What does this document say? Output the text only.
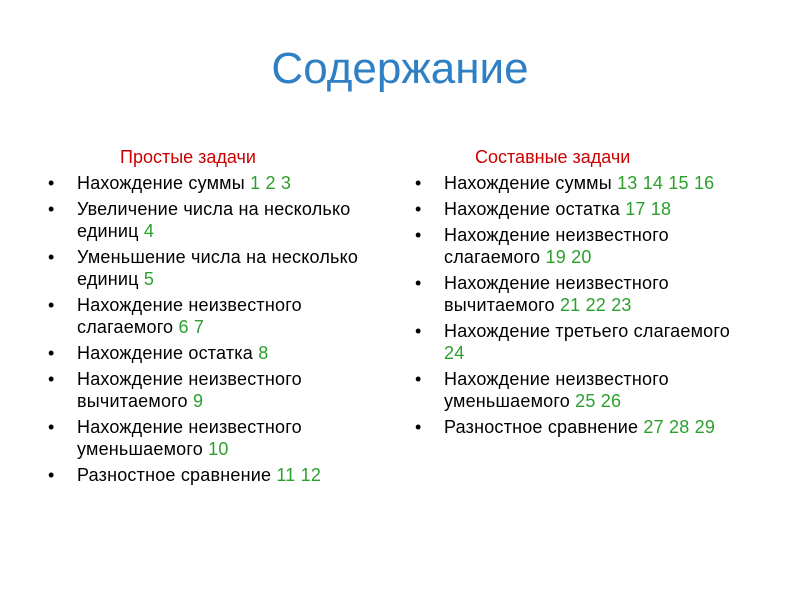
Содержание
Простые задачи
•	Нахождение суммы 1 2 3
•	Увеличение числа на несколько единиц 4
•	Уменьшение числа на несколько единиц 5
•	Нахождение неизвестного слагаемого 6 7
•	Нахождение остатка 8
•	Нахождение неизвестного вычитаемого 9
•	Нахождение неизвестного уменьшаемого 10
•	Разностное сравнение 11 12
Составные задачи
•	Нахождение суммы 13 14 15 16
•	Нахождение остатка 17 18
•	Нахождение неизвестного слагаемого 19 20
•	Нахождение неизвестного вычитаемого 21 22 23
•	Нахождение третьего слагаемого 24
•	Нахождение неизвестного уменьшаемого 25 26
•	Разностное сравнение 27 28 29
